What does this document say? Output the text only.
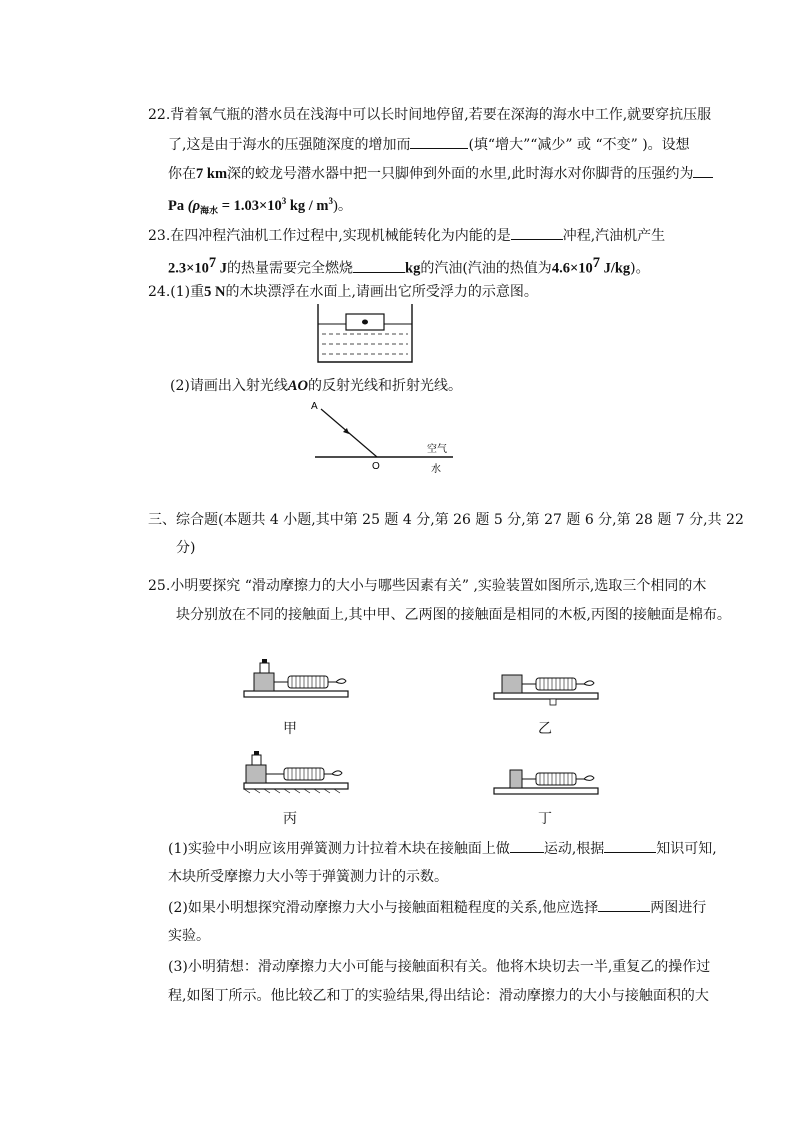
22.背着氧气瓶的潜水员在浅海中可以长时间地停留,若要在深海的海水中工作,就要穿抗压服
了,这是由于海水的压强随深度的增加而	(填“增大”“减少” 或 “不变” )。设想
你在7 km深的蛟龙号潜水器中把一只脚伸到外面的水里,此时海水对你脚背的压强约为
Pa ($\rho_{海水} = 1.03\times 10^3$ kg / $m^3$)。
23.在四冲程汽油机工作过程中,实现机械能转化为内能的是	冲程,汽油机产生
$2.3\times 10^7$ J的热量需要完全燃烧	kg的汽油(汽油的热值为$4.6\times 10^7$ J/kg)。
24.(1)重5 N的木块漂浮在水面上,请画出它所受浮力的示意图。
(2)请画出入射光线AO的反射光线和折射光线。
A
O
空气
水
三、综合题(本题共 4 小题,其中第 25 题 4 分,第 26 题 5 分,第 27 题 6 分,第 28 题 7 分,共 22
分)
25.小明要探究 “滑动摩擦力的大小与哪些因素有关” ,实验装置如图所示,选取三个相同的木
块分别放在不同的接触面上,其中甲、乙两图的接触面是相同的木板,丙图的接触面是棉布。
甲	乙
丙	丁
(1)实验中小明应该用弹簧测力计拉着木块在接触面上做 运动,根据	知识可知,
木块所受摩擦力大小等于弹簧测力计的示数。
(2)如果小明想探究滑动摩擦力大小与接触面粗糙程度的关系,他应选择	两图进行
实验。
(3)小明猜想：滑动摩擦力大小可能与接触面积有关。他将木块切去一半,重复乙的操作过
程,如图丁所示。他比较乙和丁的实验结果,得出结论：滑动摩擦力的大小与接触面积的大
